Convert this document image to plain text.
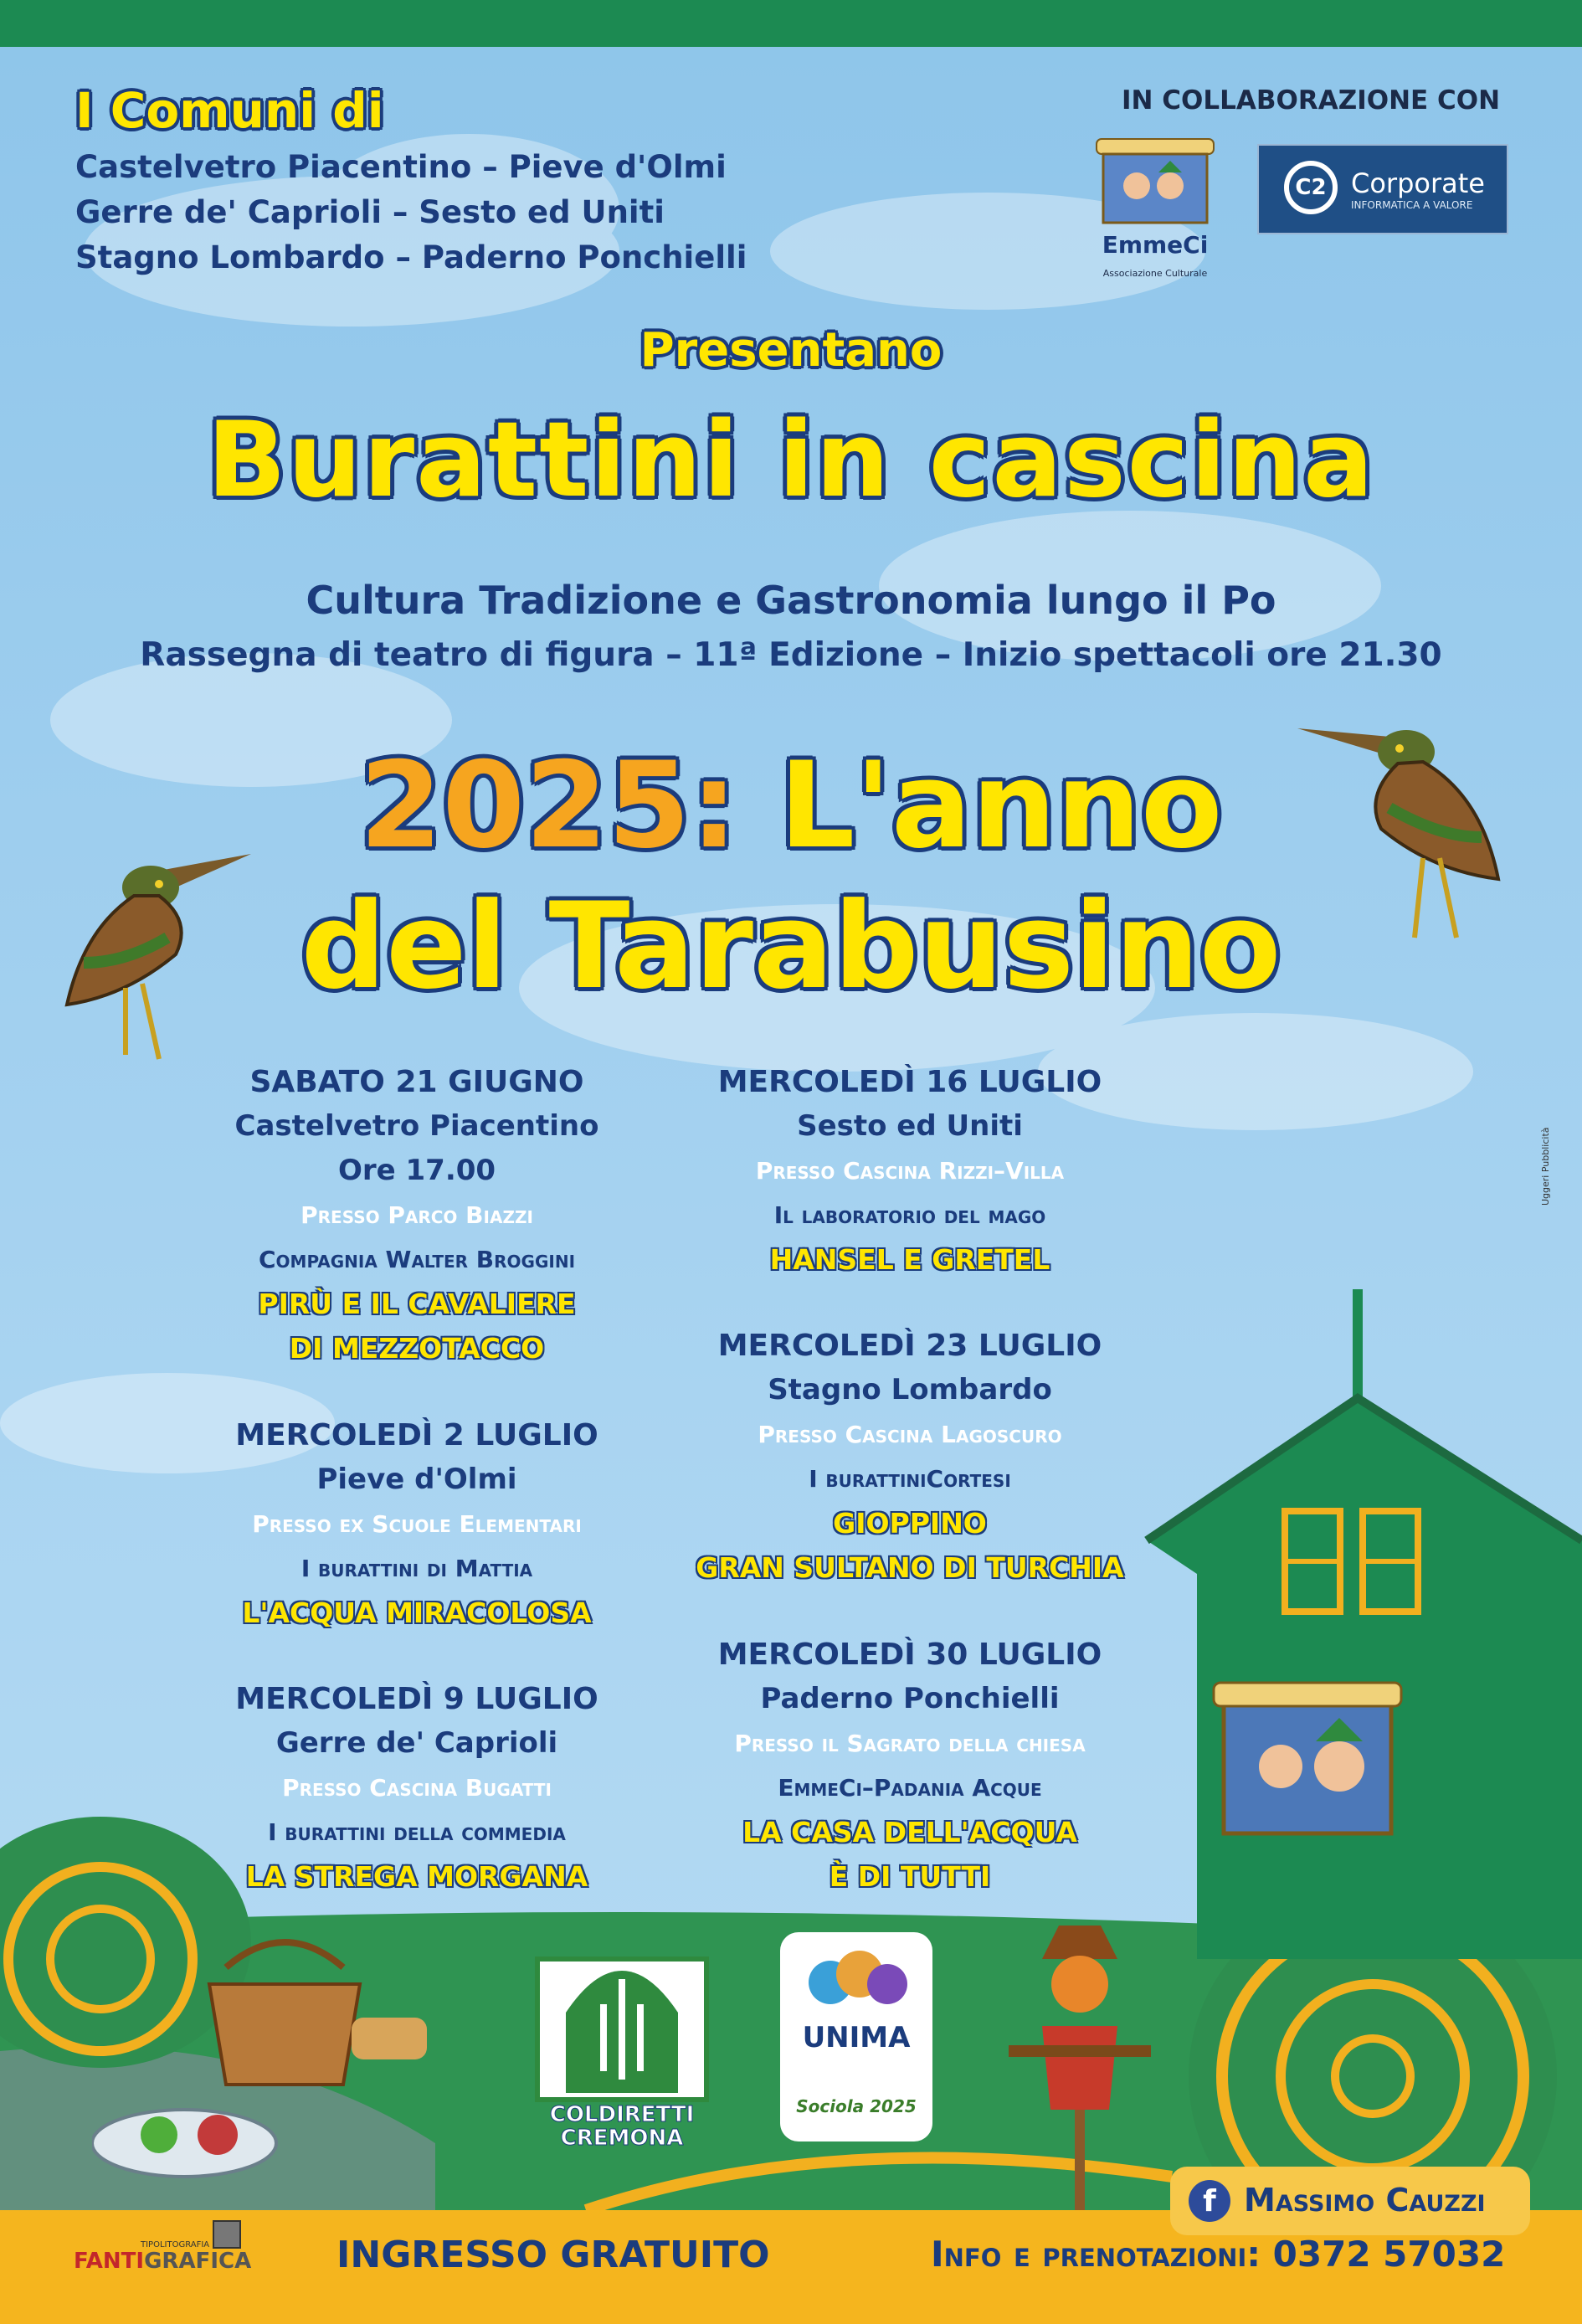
I Comuni di
Castelvetro Piacentino – Pieve d'Olmi
Gerre de' Caprioli – Sesto ed Uniti
Stagno Lombardo – Paderno Ponchielli
IN COLLABORAZIONE CON
EmmeCi
Associazione Culturale
C2 Corporate
INFORMATICA A VALORE
Presentano
Burattini in cascina
Cultura Tradizione e Gastronomia lungo il Po
Rassegna di teatro di figura – 11ª Edizione – Inizio spettacoli ore 21.30
2025: L'anno
del Tarabusino
SABATO 21 GIUGNO
Castelvetro Piacentino
Ore 17.00
Presso Parco Biazzi
Compagnia Walter Broggini
PIRÙ E IL CAVALIERE
DI MEZZOTACCO
MERCOLEDÌ 2 LUGLIO
Pieve d'Olmi
Presso ex Scuole Elementari
I burattini di Mattia
L'ACQUA MIRACOLOSA
MERCOLEDÌ 9 LUGLIO
Gerre de' Caprioli
Presso Cascina Bugatti
I burattini della commedia
LA STREGA MORGANA
MERCOLEDÌ 16 LUGLIO
Sesto ed Uniti
Presso Cascina Rizzi–Villa
Il laboratorio del mago
HANSEL E GRETEL
MERCOLEDÌ 23 LUGLIO
Stagno Lombardo
Presso Cascina Lagoscuro
I burattiniCortesi
GIOPPINO
GRAN SULTANO DI TURCHIA
MERCOLEDÌ 30 LUGLIO
Paderno Ponchielli
Presso il Sagrato della chiesa
EmmeCi–Padania Acque
LA CASA DELL'ACQUA
È DI TUTTI
COLDIRETTI
CREMONA
UNIMA
Sociola 2025
f Massimo Cauzzi
TIPOLITOGRAFIA
FANTIGRAFICA INGRESSO GRATUITO	Info e prenotazioni: 0372 57032
Uggeri Pubblicità
